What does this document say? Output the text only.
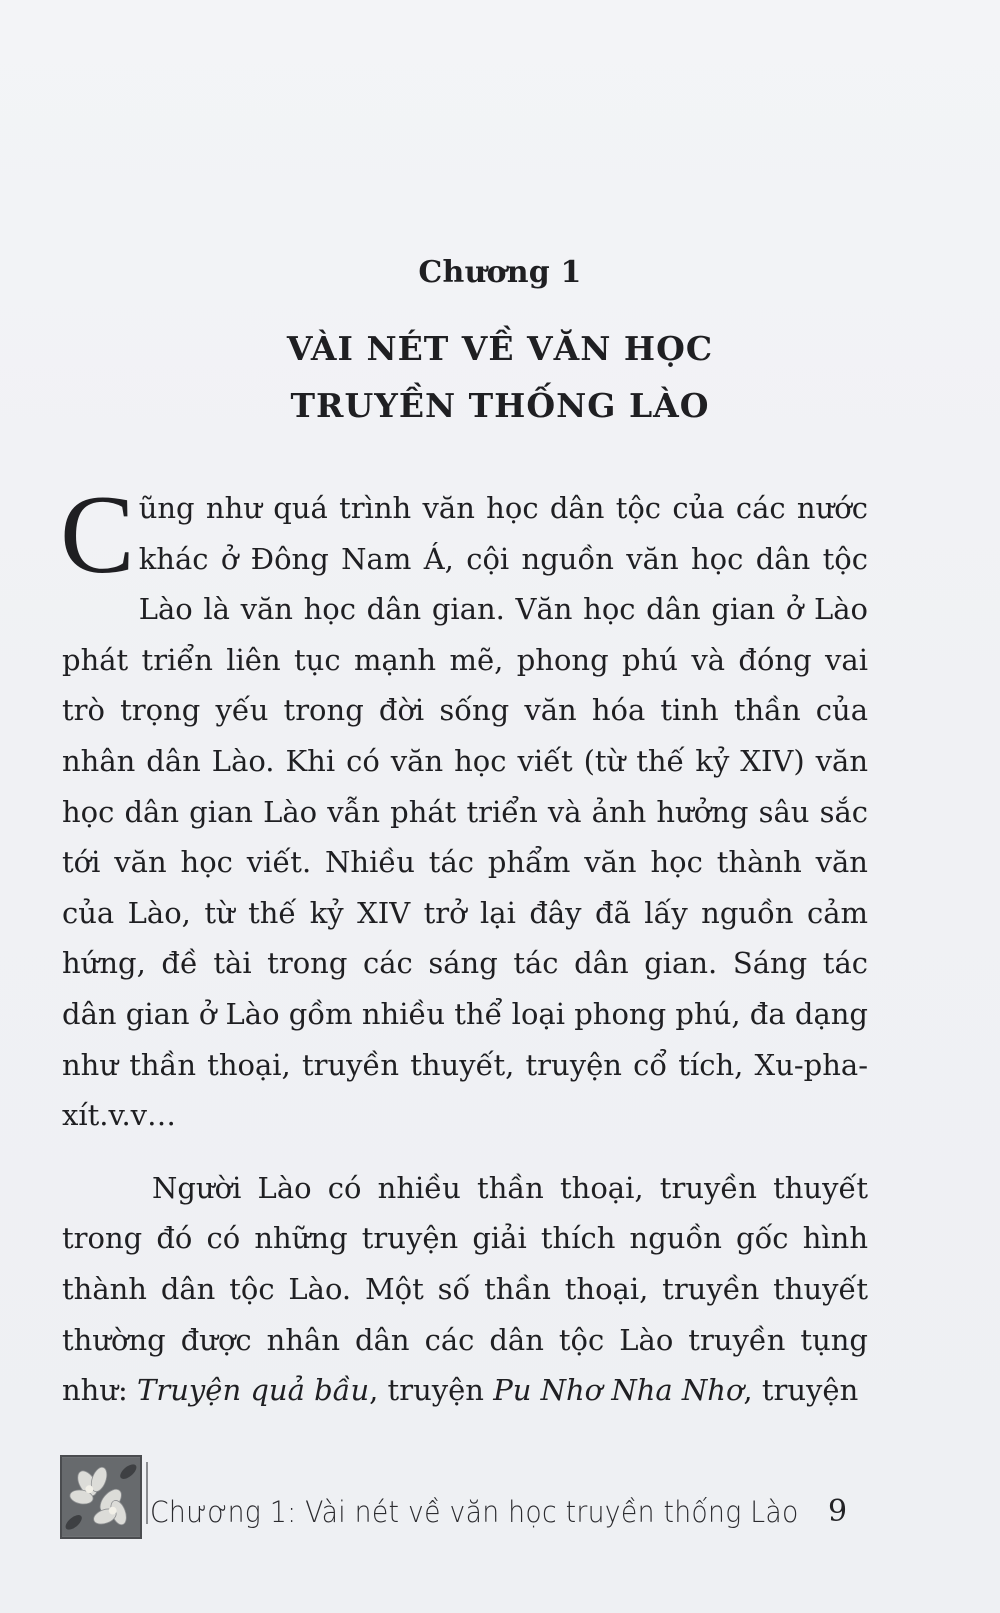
Chương 1
VÀI NÉT VỀ VĂN HỌC
TRUYỀN THỐNG LÀO

Cũng như quá trình văn học dân tộc của các nước khác ở Đông Nam Á, cội nguồn văn học dân tộc Lào là văn học dân gian. Văn học dân gian ở Lào phát triển liên tục mạnh mẽ, phong phú và đóng vai trò trọng yếu trong đời sống văn hóa tinh thần của nhân dân Lào. Khi có văn học viết (từ thế kỷ XIV) văn học dân gian Lào vẫn phát triển và ảnh hưởng sâu sắc tới văn học viết. Nhiều tác phẩm văn học thành văn của Lào, từ thế kỷ XIV trở lại đây đã lấy nguồn cảm hứng, đề tài trong các sáng tác dân gian. Sáng tác dân gian ở Lào gồm nhiều thể loại phong phú, đa dạng như thần thoại, truyền thuyết, truyện cổ tích, Xu-pha-xít.v.v…

Người Lào có nhiều thần thoại, truyền thuyết trong đó có những truyện giải thích nguồn gốc hình thành dân tộc Lào. Một số thần thoại, truyền thuyết thường được nhân dân các dân tộc Lào truyền tụng như: Truyện quả bầu, truyện Pu Nhơ Nha Nhơ, truyện

Chương 1: Vài nét về văn học truyền thống Lào 9
